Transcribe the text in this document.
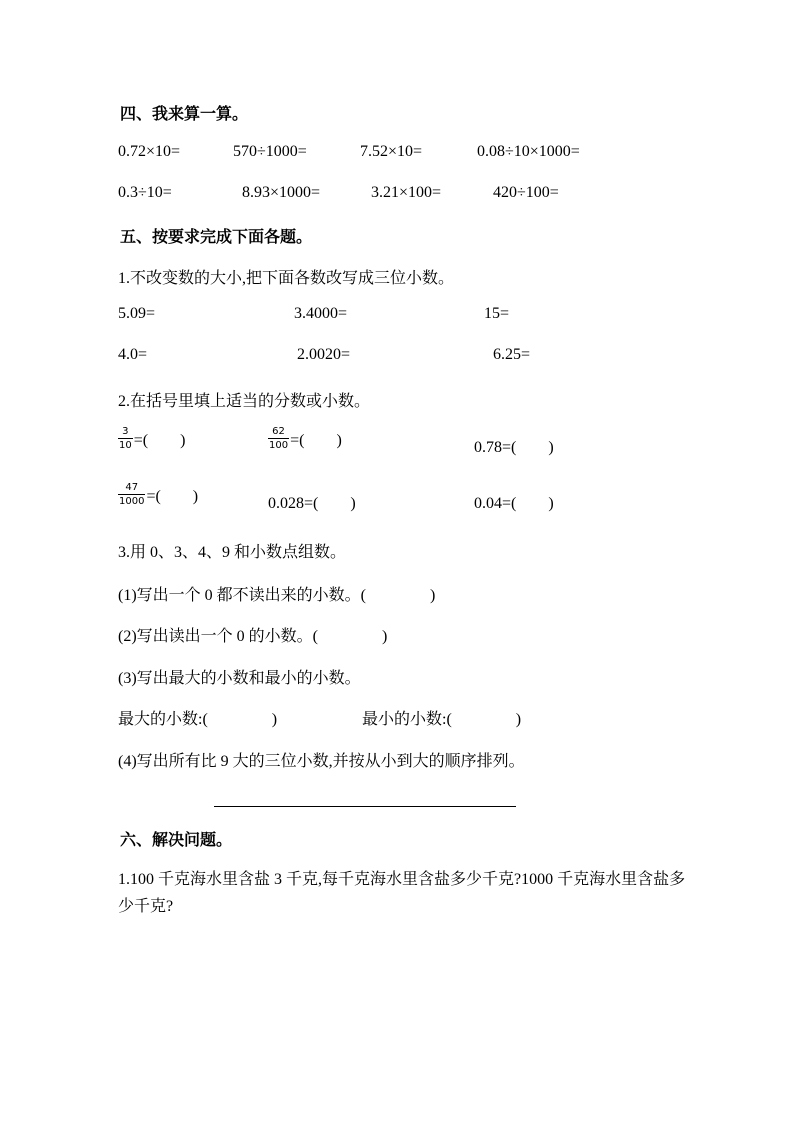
四、我来算一算。
0.72×10=	570÷1000=	7.52×10=	0.08÷10×1000=
0.3÷10=	8.93×1000=	3.21×100=	420÷100=
五、按要求完成下面各题。
1.不改变数的大小,把下面各数改写成三位小数。
5.09=	3.4000=	15=
4.0=	2.0020=	6.25=
2.在括号里填上适当的分数或小数。
$\frac{3}{10}$ =(　　)	$\frac{62}{100}$ =(　　)	0.78=(　　)
$\frac{47}{1000}$ =(　　)	0.028=(　　)	0.04=(　　)
3.用 0、3、4、9 和小数点组数。
(1)写出一个 0 都不读出来的小数。(　　　　)
(2)写出读出一个 0 的小数。(　　　　)
(3)写出最大的小数和最小的小数。
最大的小数:(　　　　)	最小的小数:(　　　　)
(4)写出所有比 9 大的三位小数,并按从小到大的顺序排列。
六、解决问题。
1.100 千克海水里含盐 3 千克,每千克海水里含盐多少千克?1000 千克海水里含盐多少千克?
